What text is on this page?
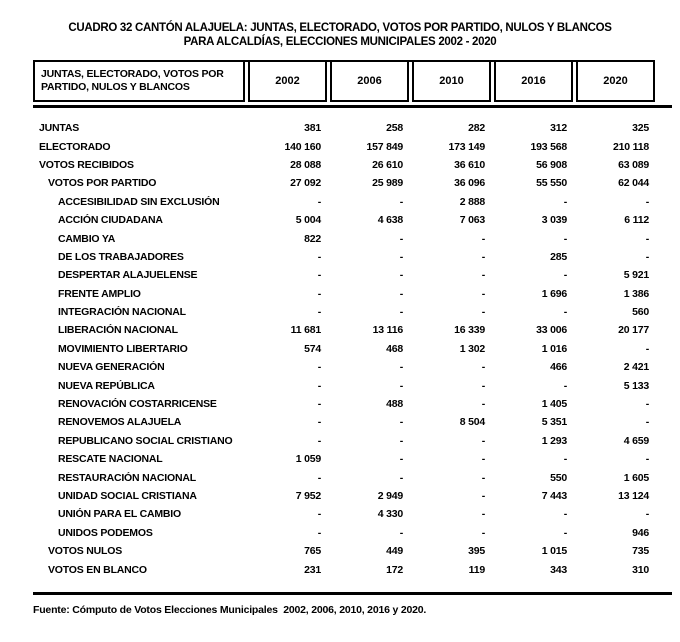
CUADRO 32 CANTÓN ALAJUELA: JUNTAS, ELECTORADO, VOTOS POR PARTIDO, NULOS Y BLANCOS
PARA ALCALDÍAS, ELECCIONES MUNICIPALES 2002 - 2020
JUNTAS, ELECTORADO, VOTOS POR PARTIDO, NULOS Y BLANCOS	2002	2006	2010	2016	2020
JUNTAS	381	258	282	312	325
ELECTORADO	140 160	157 849	173 149	193 568	210 118
VOTOS RECIBIDOS	28 088	26 610	36 610	56 908	63 089
VOTOS POR PARTIDO	27 092	25 989	36 096	55 550	62 044
ACCESIBILIDAD SIN EXCLUSIÓN	-	-	2 888	-	-
ACCIÓN CIUDADANA	5 004	4 638	7 063	3 039	6 112
CAMBIO YA	822	-	-	-	-
DE LOS TRABAJADORES	-	-	-	285	-
DESPERTAR ALAJUELENSE	-	-	-	-	5 921
FRENTE AMPLIO	-	-	-	1 696	1 386
INTEGRACIÓN NACIONAL	-	-	-	-	560
LIBERACIÓN NACIONAL	11 681	13 116	16 339	33 006	20 177
MOVIMIENTO LIBERTARIO	574	468	1 302	1 016	-
NUEVA GENERACIÓN	-	-	-	466	2 421
NUEVA REPÚBLICA	-	-	-	-	5 133
RENOVACIÓN COSTARRICENSE	-	488	-	1 405	-
RENOVEMOS ALAJUELA	-	-	8 504	5 351	-
REPUBLICANO SOCIAL CRISTIANO	-	-	-	1 293	4 659
RESCATE NACIONAL	1 059	-	-	-	-
RESTAURACIÓN NACIONAL	-	-	-	550	1 605
UNIDAD SOCIAL CRISTIANA	7 952	2 949	-	7 443	13 124
UNIÓN PARA EL CAMBIO	-	4 330	-	-	-
UNIDOS PODEMOS	-	-	-	-	946
VOTOS NULOS	765	449	395	1 015	735
VOTOS EN BLANCO	231	172	119	343	310
Fuente: Cómputo de Votos Elecciones Municipales  2002, 2006, 2010, 2016 y 2020.
